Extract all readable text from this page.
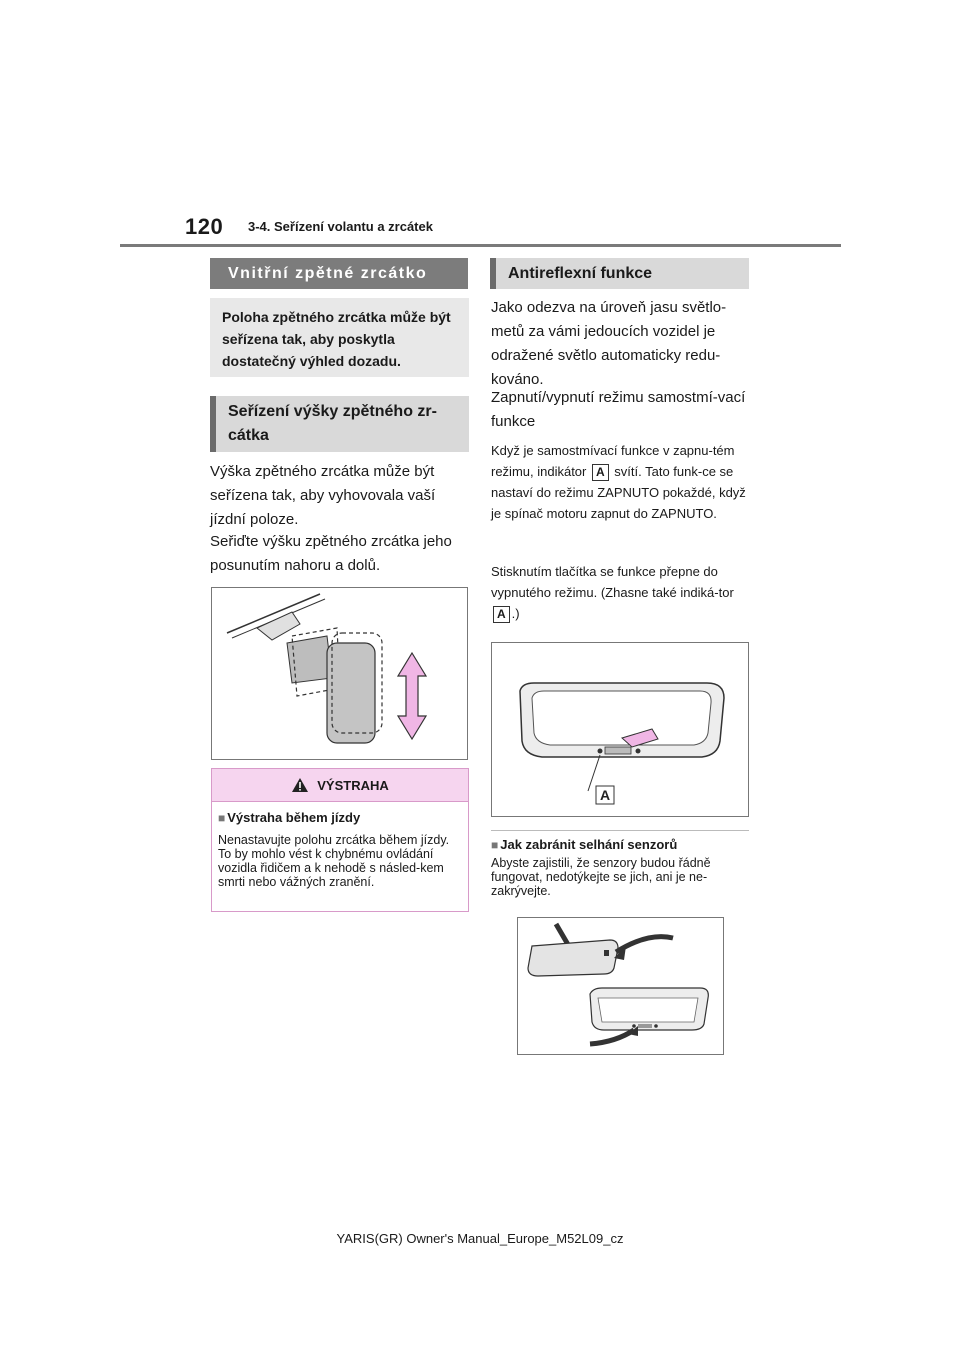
120 3-4. Seřízení volantu a zrcátek
Vnitřní zpětné zrcátko
Poloha zpětného zrcátka může být seřízena tak, aby poskytla dostatečný výhled dozadu.
Seřízení výšky zpětného zr-cátka
Výška zpětného zrcátka může být seřízena tak, aby vyhovovala vaší jízdní poloze.
Seřiďte výšku zpětného zrcátka jeho posunutím nahoru a dolů.
VÝSTRAHA
■ Výstraha během jízdy
Nenastavujte polohu zrcátka během jízdy.
To by mohlo vést k chybnému ovládání vozidla řidičem a k nehodě s násled-kem smrti nebo vážných zranění.
Antireflexní funkce
Jako odezva na úroveň jasu světlo-metů za vámi jedoucích vozidel je odražené světlo automaticky redu-kováno.
Zapnutí/vypnutí režimu samostmí-vací funkce
Když je samostmívací funkce v zapnu-tém režimu, indikátor A svítí. Tato funk-ce se nastaví do režimu ZAPNUTO pokaždé, když je spínač motoru zapnut do ZAPNUTO.
Stisknutím tlačítka se funkce přepne do vypnutého režimu. (Zhasne také indiká-tor A .)
A
■ Jak zabránit selhání senzorů
Abyste zajistili, že senzory budou řádně fungovat, nedotýkejte se jich, ani je ne-zakrývejte.
YARIS(GR) Owner's Manual_Europe_M52L09_cz
